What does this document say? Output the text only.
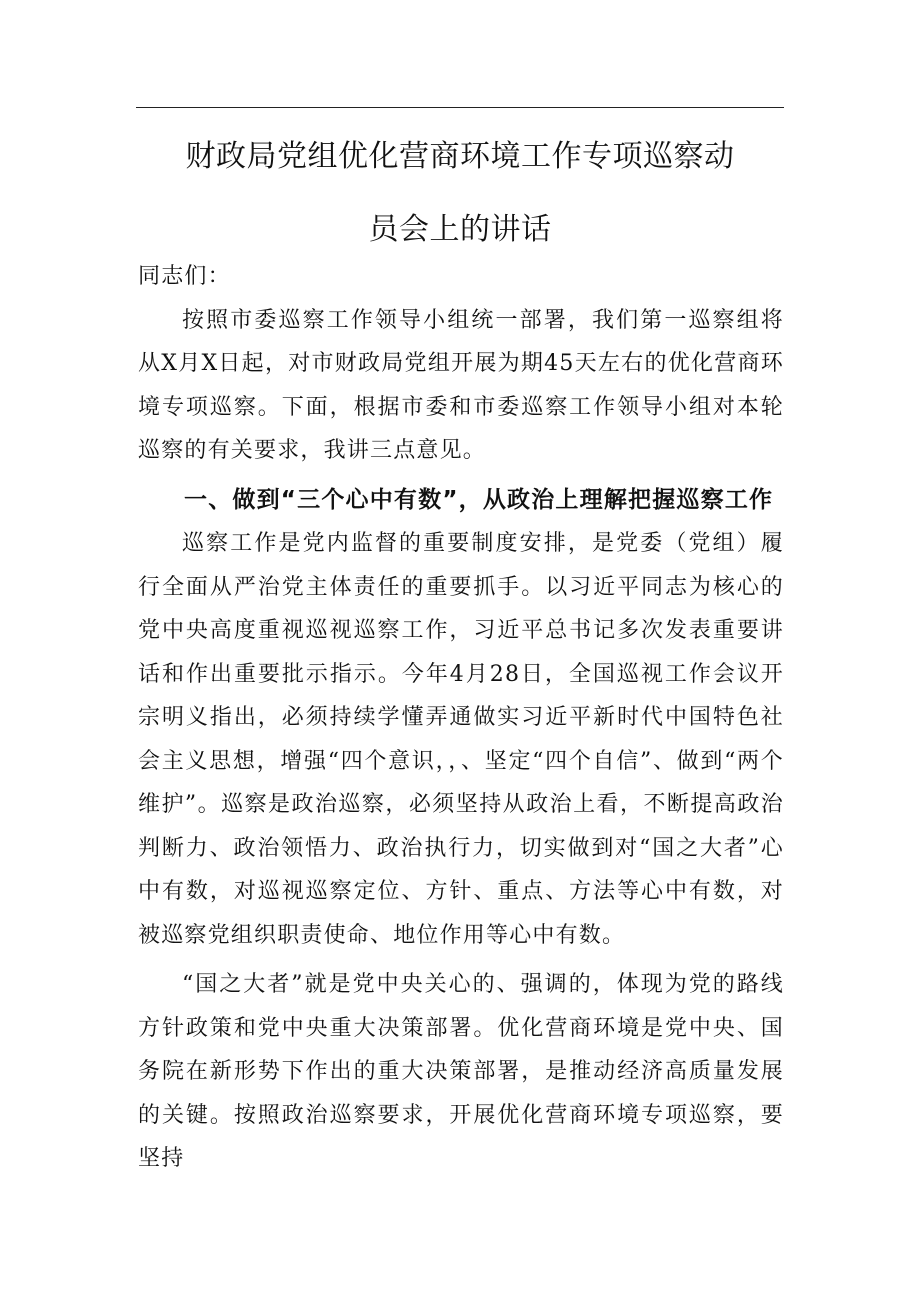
财政局党组优化营商环境工作专项巡察动
员会上的讲话

同志们：

按照市委巡察工作领导小组统一部署，我们第一巡察组将从X月X日起，对市财政局党组开展为期45天左右的优化营商环境专项巡察。下面，根据市委和市委巡察工作领导小组对本轮巡察的有关要求，我讲三点意见。

一、做到“三个心中有数”，从政治上理解把握巡察工作

巡察工作是党内监督的重要制度安排，是党委（党组）履行全面从严治党主体责任的重要抓手。以习近平同志为核心的党中央高度重视巡视巡察工作，习近平总书记多次发表重要讲话和作出重要批示指示。今年4月28日，全国巡视工作会议开宗明义指出，必须持续学懂弄通做实习近平新时代中国特色社会主义思想，增强“四个意识，，、坚定“四个自信”、做到“两个维护”。巡察是政治巡察，必须坚持从政治上看，不断提高政治判断力、政治领悟力、政治执行力，切实做到对“国之大者”心中有数，对巡视巡察定位、方针、重点、方法等心中有数，对被巡察党组织职责使命、地位作用等心中有数。

“国之大者”就是党中央关心的、强调的，体现为党的路线方针政策和党中央重大决策部署。优化营商环境是党中央、国务院在新形势下作出的重大决策部署，是推动经济高质量发展的关键。按照政治巡察要求，开展优化营商环境专项巡察，要坚持
